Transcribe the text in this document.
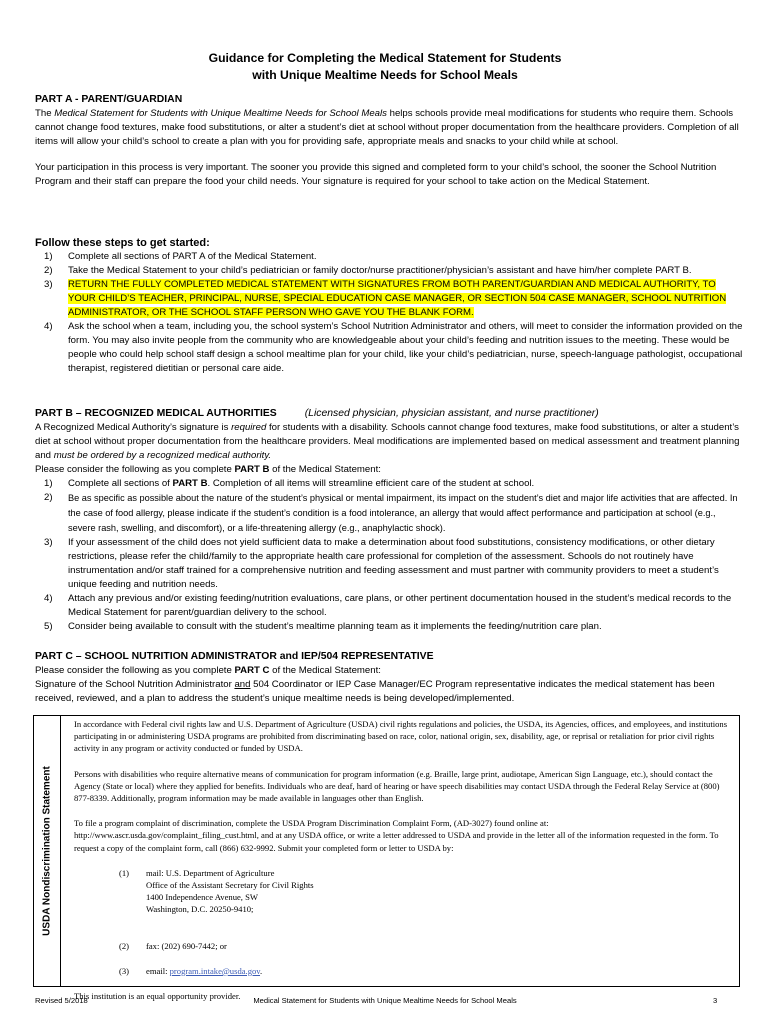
Guidance for Completing the Medical Statement for Students
with Unique Mealtime Needs for School Meals

PART A - PARENT/GUARDIAN

The Medical Statement for Students with Unique Mealtime Needs for School Meals helps schools provide meal modifications for students who require them. Schools cannot change food textures, make food substitutions, or alter a student’s diet at school without proper documentation from the healthcare providers. Completion of all items will allow your child’s school to create a plan with you for providing safe, appropriate meals and snacks to your child while at school.

Your participation in this process is very important. The sooner you provide this signed and completed form to your child’s school, the sooner the School Nutrition Program and their staff can prepare the food your child needs. Your signature is required for your school to take action on the Medical Statement.

Follow these steps to get started:

1) Complete all sections of PART A of the Medical Statement.
2) Take the Medical Statement to your child’s pediatrician or family doctor/nurse practitioner/physician’s assistant and have him/her complete PART B.
3) RETURN THE FULLY COMPLETED MEDICAL STATEMENT WITH SIGNATURES FROM BOTH PARENT/GUARDIAN AND MEDICAL AUTHORITY, TO YOUR CHILD’S TEACHER, PRINCIPAL, NURSE, SPECIAL EDUCATION CASE MANAGER, OR SECTION 504 CASE MANAGER, SCHOOL NUTRITION ADMINISTRATOR, OR THE SCHOOL STAFF PERSON WHO GAVE YOU THE BLANK FORM.
4) Ask the school when a team, including you, the school system’s School Nutrition Administrator and others, will meet to consider the information provided on the form. You may also invite people from the community who are knowledgeable about your child’s feeding and nutrition issues to the meeting. These would be people who could help school staff design a school mealtime plan for your child, like your child’s pediatrician, nurse, speech-language pathologist, occupational therapist, registered dietitian or personal care aide.

PART B – RECOGNIZED MEDICAL AUTHORITIES	(Licensed physician, physician assistant, and nurse practitioner)

A Recognized Medical Authority’s signature is required for students with a disability. Schools cannot change food textures, make food substitutions, or alter a student’s diet at school without proper documentation from the healthcare providers. Meal modifications are implemented based on medical assessment and treatment planning and must be ordered by a recognized medical authority.

Please consider the following as you complete PART B of the Medical Statement:

1) Complete all sections of PART B. Completion of all items will streamline efficient care of the student at school.
2) Be as specific as possible about the nature of the student’s physical or mental impairment, its impact on the student’s diet and major life activities that are affected. In the case of food allergy, please indicate if the student’s condition is a food intolerance, an allergy that would affect performance and participation at school (e.g., severe rash, swelling, and discomfort), or a life-threatening allergy (e.g., anaphylactic shock).
3) If your assessment of the child does not yield sufficient data to make a determination about food substitutions, consistency modifications, or other dietary restrictions, please refer the child/family to the appropriate health care professional for completion of the assessment. Schools do not routinely have instrumentation and/or staff trained for a comprehensive nutrition and feeding assessment and must partner with community providers to meet a student’s unique feeding and nutrition needs.
4) Attach any previous and/or existing feeding/nutrition evaluations, care plans, or other pertinent documentation housed in the student’s medical records to the Medical Statement for parent/guardian delivery to the school.
5) Consider being available to consult with the student’s mealtime planning team as it implements the feeding/nutrition care plan.

PART C – SCHOOL NUTRITION ADMINISTRATOR and IEP/504 REPRESENTATIVE

Please consider the following as you complete PART C of the Medical Statement:

Signature of the School Nutrition Administrator and 504 Coordinator or IEP Case Manager/EC Program representative indicates the medical statement has been received, reviewed, and a plan to address the student’s unique mealtime needs is being developed/implemented.

USDA Nondiscrimination Statement

In accordance with Federal civil rights law and U.S. Department of Agriculture (USDA) civil rights regulations and policies, the USDA, its Agencies, offices, and employees, and institutions participating in or administering USDA programs are prohibited from discriminating based on race, color, national origin, sex, disability, age, or reprisal or retaliation for prior civil rights activity in any program or activity conducted or funded by USDA.

Persons with disabilities who require alternative means of communication for program information (e.g. Braille, large print, audiotape, American Sign Language, etc.), should contact the Agency (State or local) where they applied for benefits. Individuals who are deaf, hard of hearing or have speech disabilities may contact USDA through the Federal Relay Service at (800) 877-8339. Additionally, program information may be made available in languages other than English.

To file a program complaint of discrimination, complete the USDA Program Discrimination Complaint Form, (AD-3027) found online at: http://www.ascr.usda.gov/complaint_filing_cust.html, and at any USDA office, or write a letter addressed to USDA and provide in the letter all of the information requested in the form. To request a copy of the complaint form, call (866) 632-9992. Submit your completed form or letter to USDA by:

(1) mail: U.S. Department of Agriculture
Office of the Assistant Secretary for Civil Rights
1400 Independence Avenue, SW
Washington, D.C. 20250-9410;
(2) fax: (202) 690-7442; or
(3) email: program.intake@usda.gov.

This institution is an equal opportunity provider.

Revised 5/2018	Medical Statement for Students with Unique Mealtime Needs for School Meals	3
